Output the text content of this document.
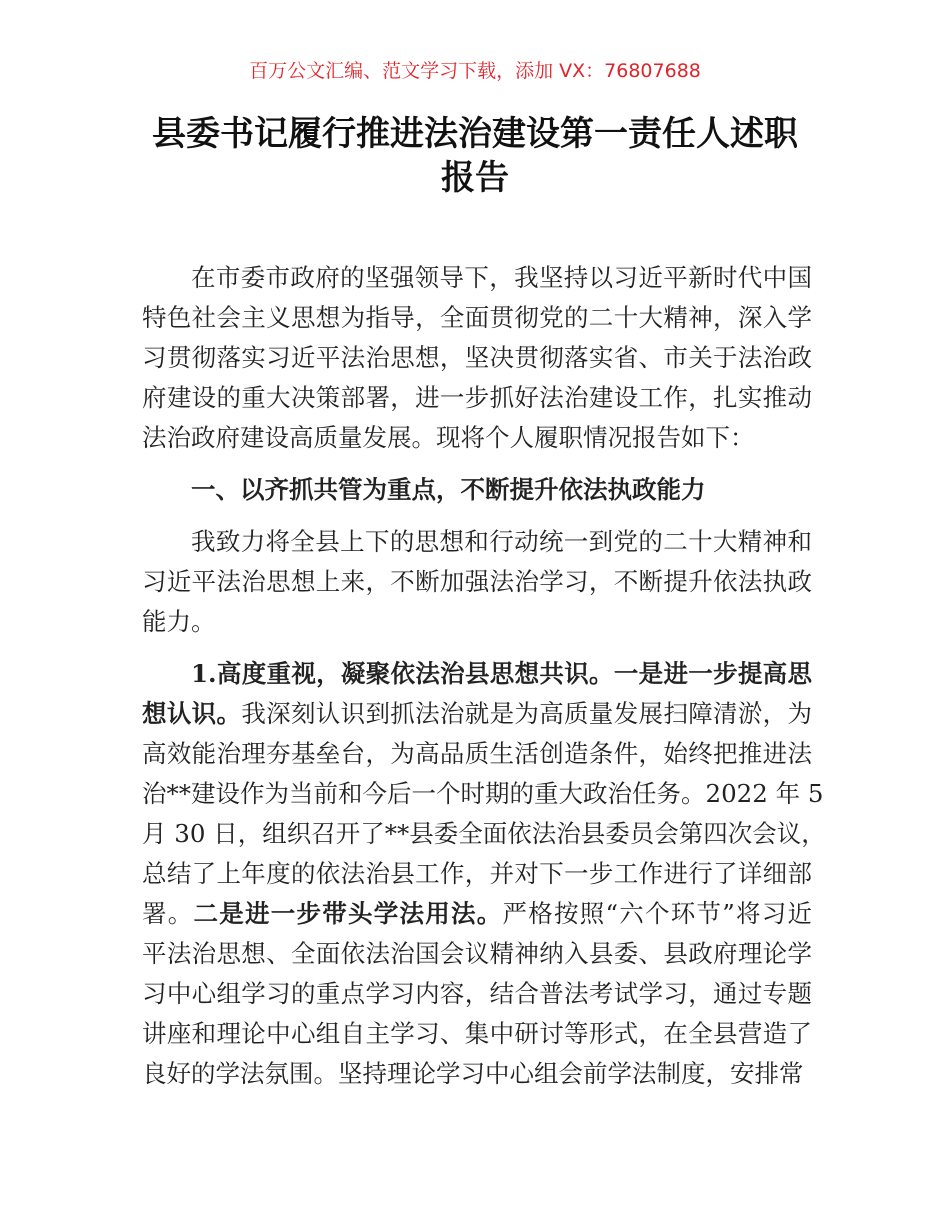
百万公文汇编、范文学习下载，添加 VX：76807688
县委书记履行推进法治建设第一责任人述职
报告
在市委市政府的坚强领导下，我坚持以习近平新时代中国
特色社会主义思想为指导，全面贯彻党的二十大精神，深入学
习贯彻落实习近平法治思想，坚决贯彻落实省、市关于法治政
府建设的重大决策部署，进一步抓好法治建设工作，扎实推动
法治政府建设高质量发展。现将个人履职情况报告如下：
一、以齐抓共管为重点，不断提升依法执政能力
我致力将全县上下的思想和行动统一到党的二十大精神和
习近平法治思想上来，不断加强法治学习，不断提升依法执政
能力。
1.高度重视，凝聚依法治县思想共识。一是进一步提高思
想认识。我深刻认识到抓法治就是为高质量发展扫障清淤，为
高效能治理夯基垒台，为高品质生活创造条件，始终把推进法
治**建设作为当前和今后一个时期的重大政治任务。2022 年 5
月 30 日，组织召开了**县委全面依法治县委员会第四次会议，
总结了上年度的依法治县工作，并对下一步工作进行了详细部
署。二是进一步带头学法用法。严格按照“六个环节”将习近
平法治思想、全面依法治国会议精神纳入县委、县政府理论学
习中心组学习的重点学习内容，结合普法考试学习，通过专题
讲座和理论中心组自主学习、集中研讨等形式，在全县营造了
良好的学法氛围。坚持理论学习中心组会前学法制度，安排常
